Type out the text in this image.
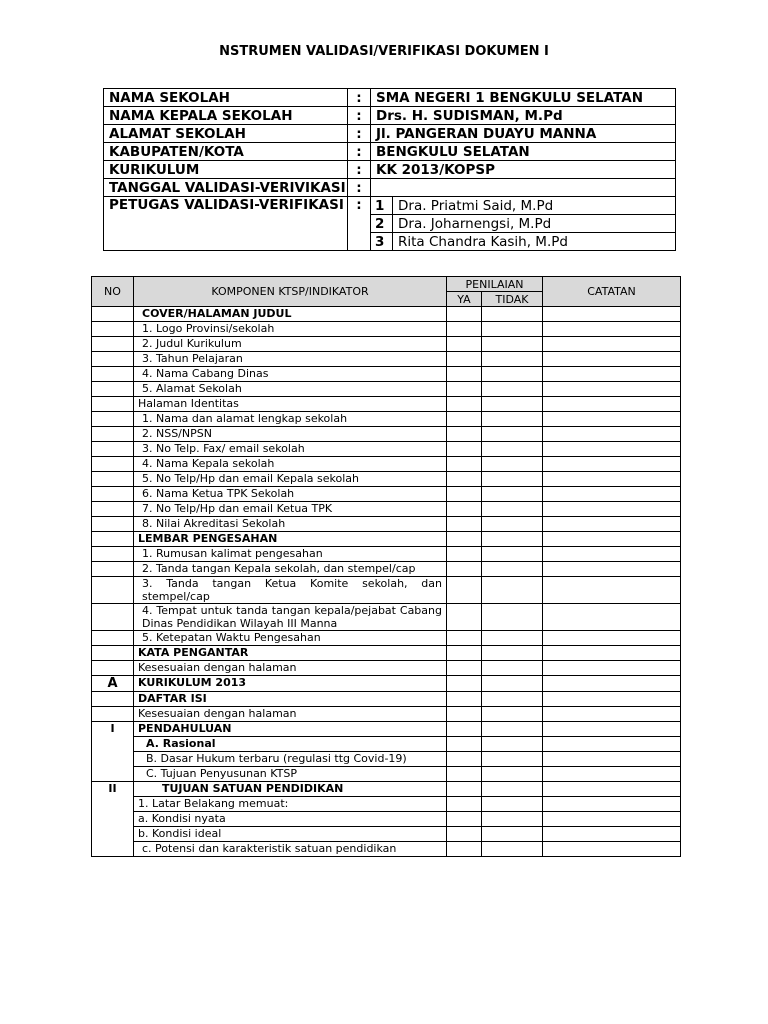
NSTRUMEN VALIDASI/VERIFIKASI DOKUMEN I
NAMA SEKOLAH	:	SMA NEGERI 1 BENGKULU SELATAN	
NAMA KEPALA SEKOLAH	:	Drs. H. SUDISMAN, M.Pd	
ALAMAT SEKOLAH	:	Jl. PANGERAN DUAYU MANNA	
KABUPATEN/KOTA	:	BENGKULU SELATAN	
KURIKULUM	:	KK 2013/KOPSP	
TANGGAL VALIDASI-VERIVIKASI	:		
PETUGAS VALIDASI-VERIFIKASI	:	1	Dra. Priatmi Said, M.Pd
		2	Dra. Joharnengsi, M.Pd
		3	Rita Chandra Kasih, M.Pd
NO	KOMPONEN KTSP/INDIKATOR	PENILAIAN		CATATAN
		YA	TIDAK	
	COVER/HALAMAN JUDUL			
	1. Logo Provinsi/sekolah			
	2. Judul Kurikulum			
	3. Tahun Pelajaran			
	4. Nama Cabang Dinas			
	5. Alamat Sekolah			
	Halaman Identitas			
	1. Nama dan alamat lengkap sekolah			
	2. NSS/NPSN			
	3. No Telp. Fax/ email sekolah			
	4. Nama Kepala sekolah			
	5. No Telp/Hp dan email Kepala sekolah			
	6. Nama Ketua TPK Sekolah			
	7. No Telp/Hp dan email Ketua TPK			
	8. Nilai Akreditasi Sekolah			
	LEMBAR PENGESAHAN			
	1. Rumusan kalimat pengesahan			
	2. Tanda tangan Kepala sekolah, dan stempel/cap			
	3. Tanda tangan Ketua Komite sekolah, dan stempel/cap			
	4. Tempat untuk tanda tangan kepala/pejabat Cabang Dinas Pendidikan Wilayah III Manna			
	5. Ketepatan Waktu Pengesahan			
	KATA PENGANTAR			
	Kesesuaian dengan halaman			
A	KURIKULUM 2013			
	DAFTAR ISI			
	Kesesuaian dengan halaman			
I	PENDAHULUAN			
	A. Rasional			
	B. Dasar Hukum terbaru (regulasi ttg Covid-19)			
	C. Tujuan Penyusunan KTSP			
II	TUJUAN SATUAN PENDIDIKAN			
	1. Latar Belakang memuat:			
	a. Kondisi nyata			
	b. Kondisi ideal			
	c. Potensi dan karakteristik satuan pendidikan			
